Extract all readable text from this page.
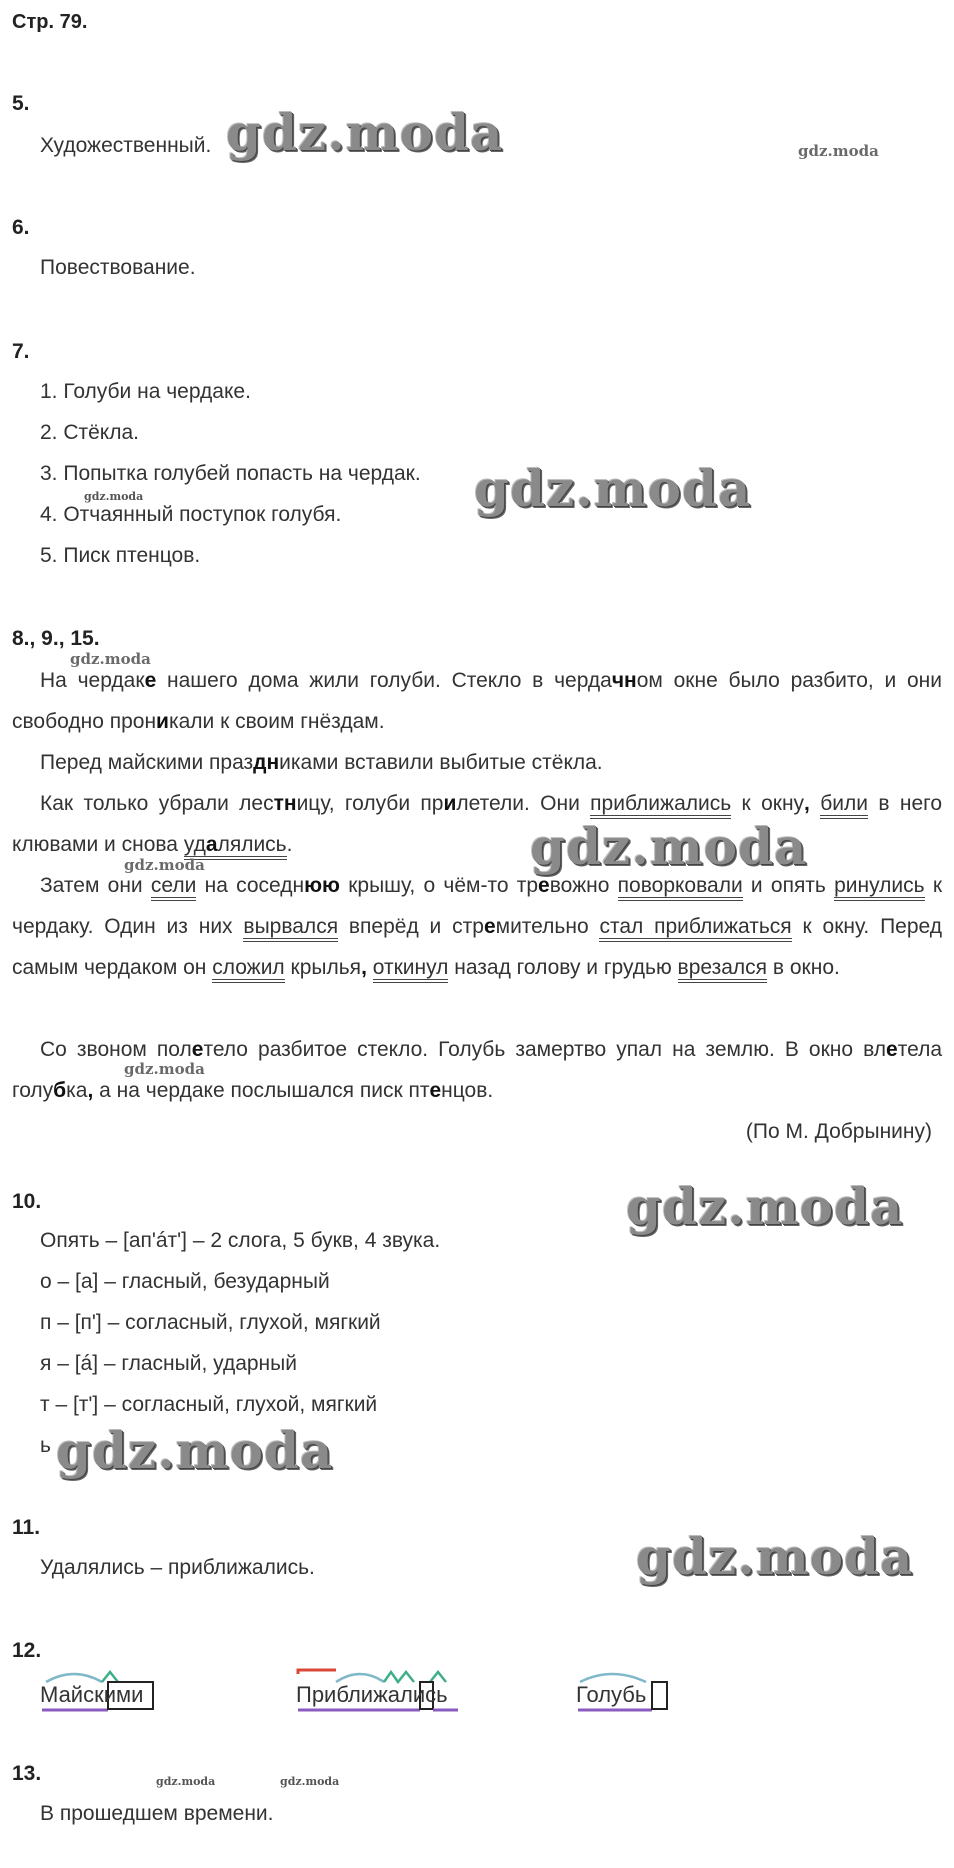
Стр. 79.
5.
Художественный.
6.
Повествование.
7.
1. Голуби на чердаке.
2. Стёкла.
3. Попытка голубей попасть на чердак.
4. Отчаянный поступок голубя.
5. Писк птенцов.
8., 9., 15.

На чердаке нашего дома жили голуби. Стекло в чердачном окне было разбито, и они свободно проникали к своим гнёздам.

Перед майскими праздниками вставили выбитые стёкла.

Как только убрали лестницу, голуби прилетели. Они приближались к окну, били в него клювами и снова удалялись.

Затем они сели на соседнюю крышу, о чём-то тревожно поворковали и опять ринулись к чердаку. Один из них вырвался вперёд и стремительно стал приближаться к окну. Перед самым чердаком он сложил крылья, откинул назад голову и грудью врезался в окно.

Со звоном полетело разбитое стекло. Голубь замертво упал на землю. В окно влетела голубка, а на чердаке послышался писк птенцов.

(По М. Добрынину)
10.
Опять – [ап'áт'] – 2 слога, 5 букв, 4 звука.
о – [а] – гласный, безударный
п – [п'] – согласный, глухой, мягкий
я – [á] – гласный, ударный
т – [т'] – согласный, глухой, мягкий
ь
11.
Удалялись – приближались.
12.
Майскими	Приближались	Голубь
13.
В прошедшем времени.
gdz.moda	gdz.moda
gdz.moda
gdz.moda
gdz.moda
gdz.moda
gdz.moda
gdz.moda
gdz.moda
gdz.moda
gdz.moda
gdz.moda	gdz.moda
